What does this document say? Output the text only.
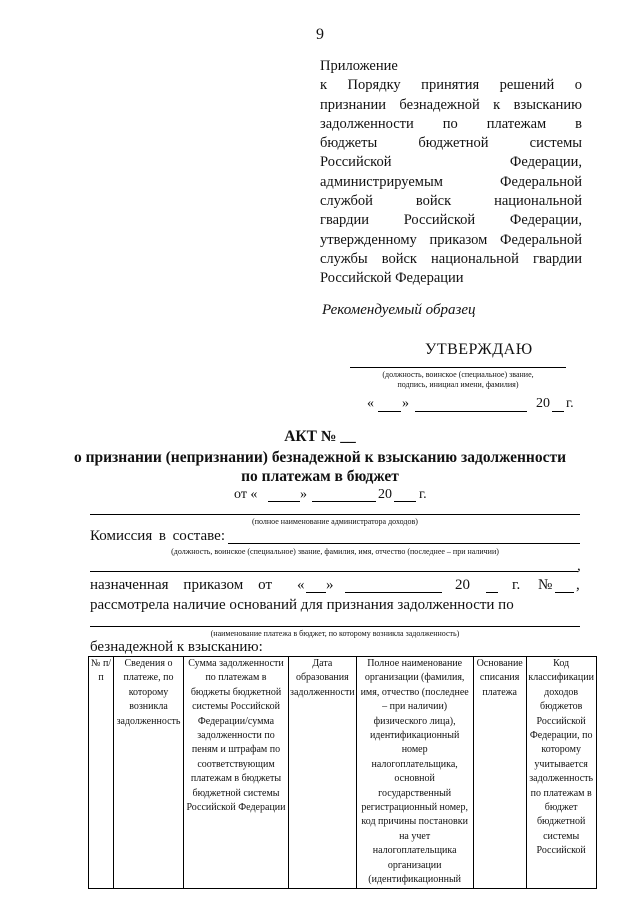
9
Приложение
к Порядку принятия решений о
признании безнадежной к взысканию
задолженности по платежам в
бюджеты бюджетной системы
Российской Федерации,
администрируемым Федеральной
службой войск национальной
гвардии Российской Федерации,
утвержденному приказом Федеральной
службы войск национальной гвардии
Российской Федерации
Рекомендуемый образец
УТВЕРЖДАЮ
(должность, воинское (специальное) звание,
подпись, инициал имени, фамилия)
« »	20 г.
АКТ № __
о признании (непризнании) безнадежной к взысканию задолженности
по платежам в бюджет
от «	»	20 г.
(полное наименование администратора доходов)
Комиссия в составе:
(должность, воинское (специальное) звание, фамилия, имя, отчество (последнее – при наличии)
,
назначенная приказом от « »	20	г. № ,
рассмотрела наличие оснований для признания задолженности по
(наименование платежа в бюджет, по которому возникла задолженность)
безнадежной к взысканию:
№ п/п	Сведения о платеже, по которому возникла задолженность	Сумма задолженности по платежам в бюджеты бюджетной системы Российской Федерации/сумма задолженности по пеням и штрафам по соответствующим платежам в бюджеты бюджетной системы Российской Федерации	Дата образования задолженности	Полное наименование организации (фамилия, имя, отчество (последнее – при наличии) физического лица), идентификационный номер налогоплательщика, основной государственный регистрационный номер, код причины постановки на учет налогоплательщика организации (идентификационный	Основание списания платежа	Код классификации доходов бюджетов Российской Федерации, по которому учитывается задолженность по платежам в бюджет бюджетной системы Российской
